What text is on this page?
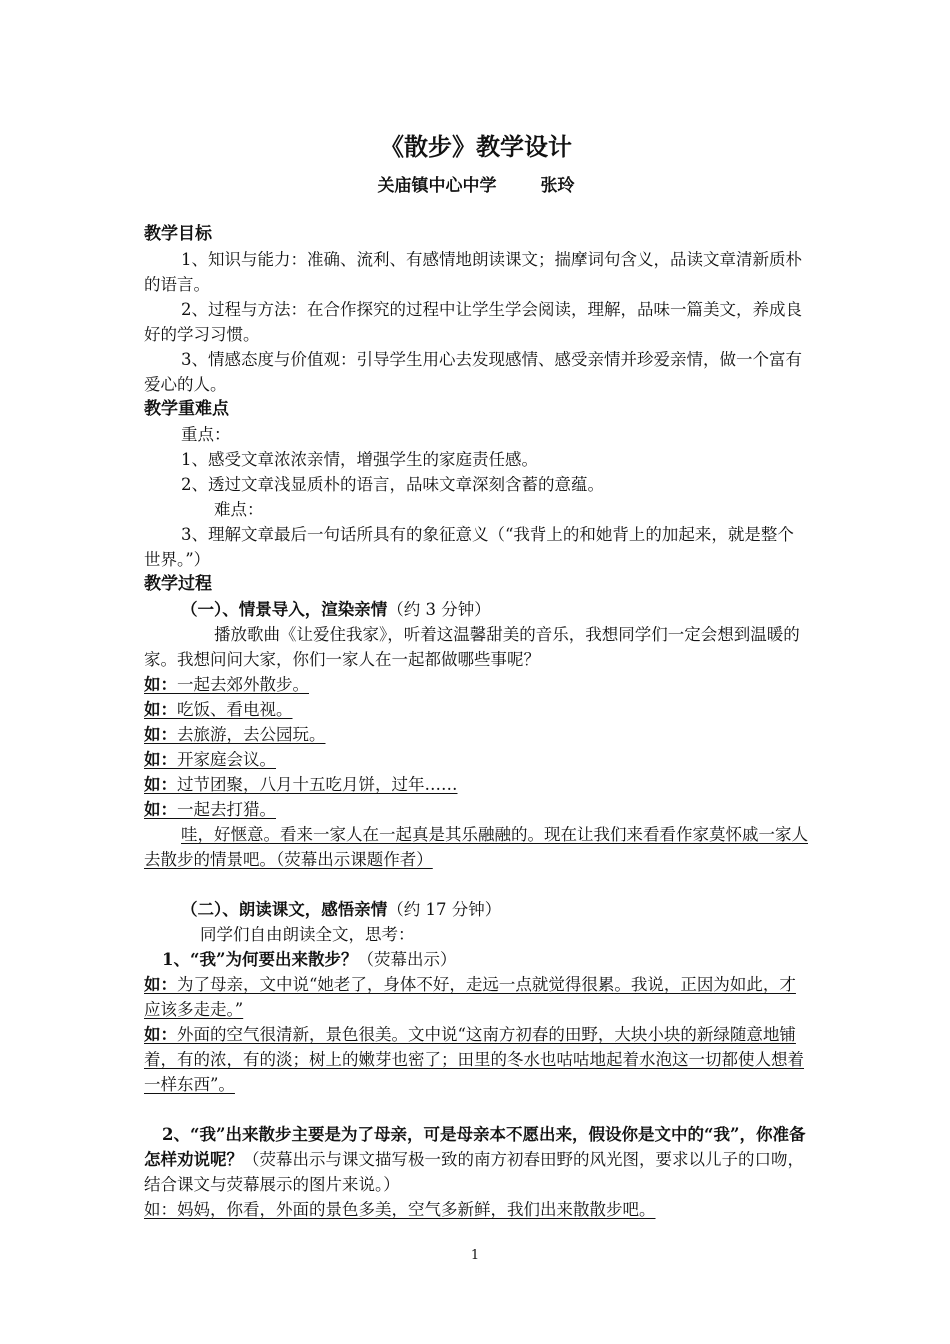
《散步》教学设计
关庙镇中心中学	张玲

教学目标

1、知识与能力：准确、流利、有感情地朗读课文；揣摩词句含义，品读文章清新质朴的语言。

2、过程与方法：在合作探究的过程中让学生学会阅读，理解，品味一篇美文，养成良好的学习习惯。

3、情感态度与价值观：引导学生用心去发现感情、感受亲情并珍爱亲情，做一个富有爱心的人。

教学重难点

重点：

1、感受文章浓浓亲情，增强学生的家庭责任感。

2、透过文章浅显质朴的语言，品味文章深刻含蓄的意蕴。

难点：

3、理解文章最后一句话所具有的象征意义（“我背上的和她背上的加起来，就是整个世界。”）

教学过程

（一）、情景导入，渲染亲情（约 3 分钟）

播放歌曲《让爱住我家》，听着这温馨甜美的音乐，我想同学们一定会想到温暖的家。我想问问大家，你们一家人在一起都做哪些事呢？

如：一起去郊外散步。

如：吃饭、看电视。

如：去旅游，去公园玩。

如：开家庭会议。

如：过节团聚，八月十五吃月饼，过年……

如：一起去打猎。

哇，好惬意。看来一家人在一起真是其乐融融的。现在让我们来看看作家莫怀戚一家人去散步的情景吧。（荧幕出示课题作者）

（二）、朗读课文，感悟亲情（约 17 分钟）

同学们自由朗读全文，思考：

1、“我”为何要出来散步？（荧幕出示）

如：为了母亲，文中说“她老了，身体不好，走远一点就觉得很累。我说，正因为如此，才应该多走走。”

如：外面的空气很清新，景色很美。文中说“这南方初春的田野，大块小块的新绿随意地铺着，有的浓，有的淡；树上的嫩芽也密了；田里的冬水也咕咕地起着水泡这一切都使人想着一样东西”。

2、“我”出来散步主要是为了母亲，可是母亲本不愿出来，假设你是文中的“我”，你准备怎样劝说呢？（荧幕出示与课文描写极一致的南方初春田野的风光图，要求以儿子的口吻，结合课文与荧幕展示的图片来说。）

如：妈妈，你看，外面的景色多美，空气多新鲜，我们出来散散步吧。

1
